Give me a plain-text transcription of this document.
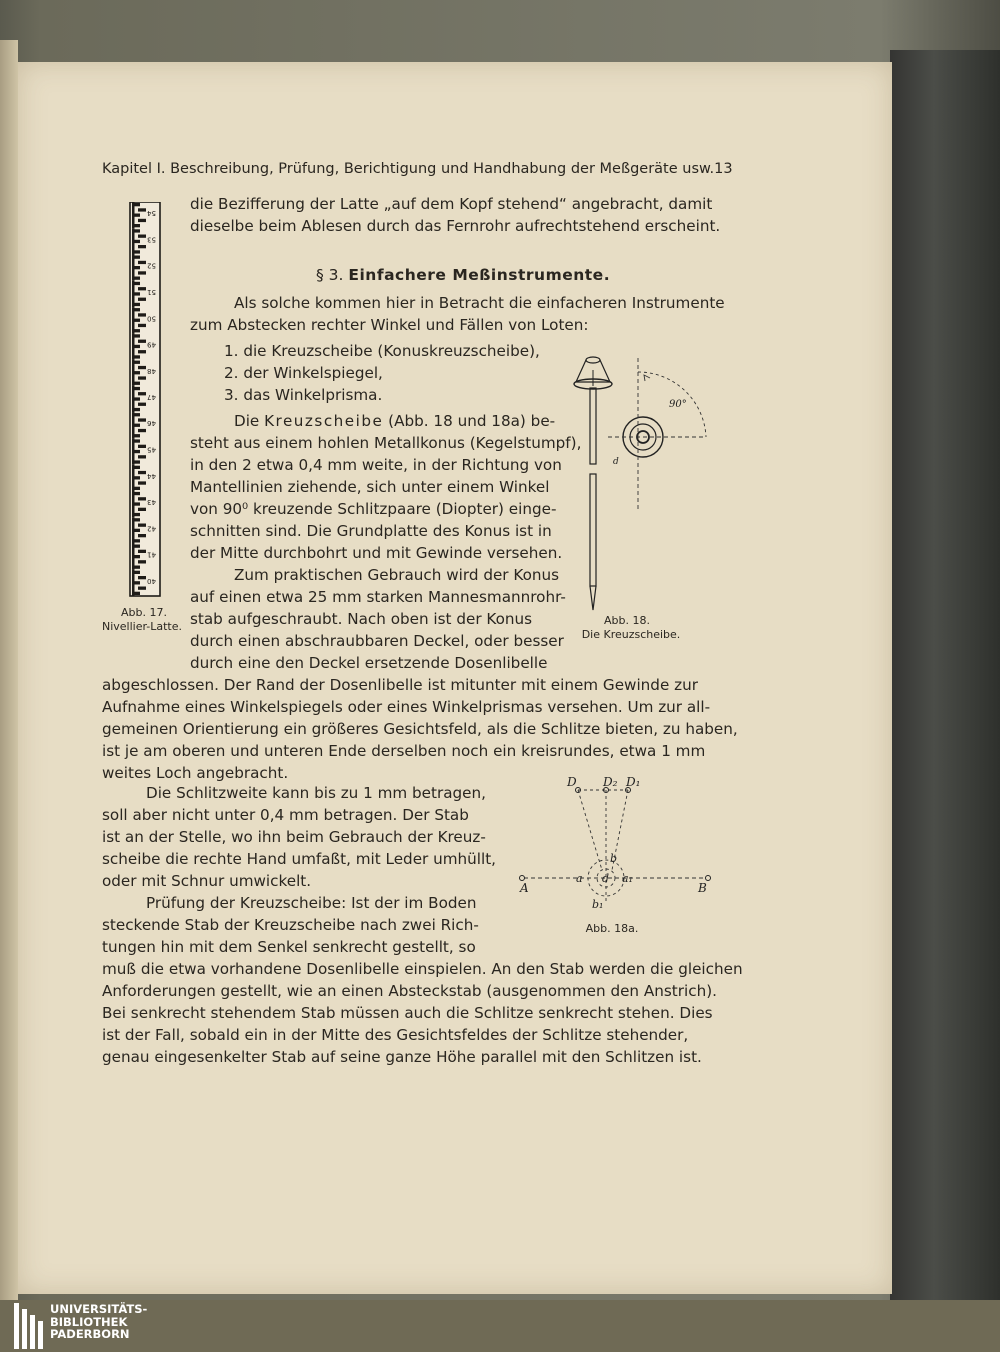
Kapitel I. Beschreibung, Prüfung, Berichtigung und Handhabung der Meßgeräte usw. 13
die Bezifferung der Latte „auf dem Kopf stehend“ angebracht, damit
dieselbe beim Ablesen durch das Fernrohr aufrechtstehend erscheint.
§ 3. Einfachere Meßinstrumente.
Als solche kommen hier in Betracht die einfacheren Instrumente
zum Abstecken rechter Winkel und Fällen von Loten:
1. die Kreuzscheibe (Konuskreuzscheibe),
2. der Winkelspiegel,
3. das Winkelprisma.
Die Kreuzscheibe (Abb. 18 und 18a) be-
steht aus einem hohlen Metallkonus (Kegelstumpf),
in den 2 etwa 0,4 mm weite, in der Richtung von
Mantellinien ziehende, sich unter einem Winkel
von 90⁰ kreuzende Schlitzpaare (Diopter) einge-
schnitten sind. Die Grundplatte des Konus ist in
der Mitte durchbohrt und mit Gewinde versehen.
Zum praktischen Gebrauch wird der Konus
auf einen etwa 25 mm starken Mannesmannrohr-
stab aufgeschraubt. Nach oben ist der Konus
durch einen abschraubbaren Deckel, oder besser
durch eine den Deckel ersetzende Dosenlibelle
abgeschlossen. Der Rand der Dosenlibelle ist mitunter mit einem Gewinde zur
Aufnahme eines Winkelspiegels oder eines Winkelprismas versehen. Um zur all-
gemeinen Orientierung ein größeres Gesichtsfeld, als die Schlitze bieten, zu haben,
ist je am oberen und unteren Ende derselben noch ein kreisrundes, etwa 1 mm
weites Loch angebracht.
Die Schlitzweite kann bis zu 1 mm betragen,
soll aber nicht unter 0,4 mm betragen. Der Stab
ist an der Stelle, wo ihn beim Gebrauch der Kreuz-
scheibe die rechte Hand umfaßt, mit Leder umhüllt,
oder mit Schnur umwickelt.
Prüfung der Kreuzscheibe: Ist der im Boden
steckende Stab der Kreuzscheibe nach zwei Rich-
tungen hin mit dem Senkel senkrecht gestellt, so
muß die etwa vorhandene Dosenlibelle einspielen. An den Stab werden die gleichen
Anforderungen gestellt, wie an einen Absteckstab (ausgenommen den Anstrich).
Bei senkrecht stehendem Stab müssen auch die Schlitze senkrecht stehen. Dies
ist der Fall, sobald ein in der Mitte des Gesichtsfeldes der Schlitze stehender,
genau eingesenkelter Stab auf seine ganze Höhe parallel mit den Schlitzen ist.
54
53
52
51
50
49
48
47
46
45
44
43
42
41
40
Abb. 17.
Nivellier-Latte.
90°
d
Abb. 18.
Die Kreuzscheibe.
D D₂ D₁
A	B
a	a₁
b
b₁
d
Abb. 18a.
UNIVERSITÄTS-
BIBLIOTHEK
PADERBORN
